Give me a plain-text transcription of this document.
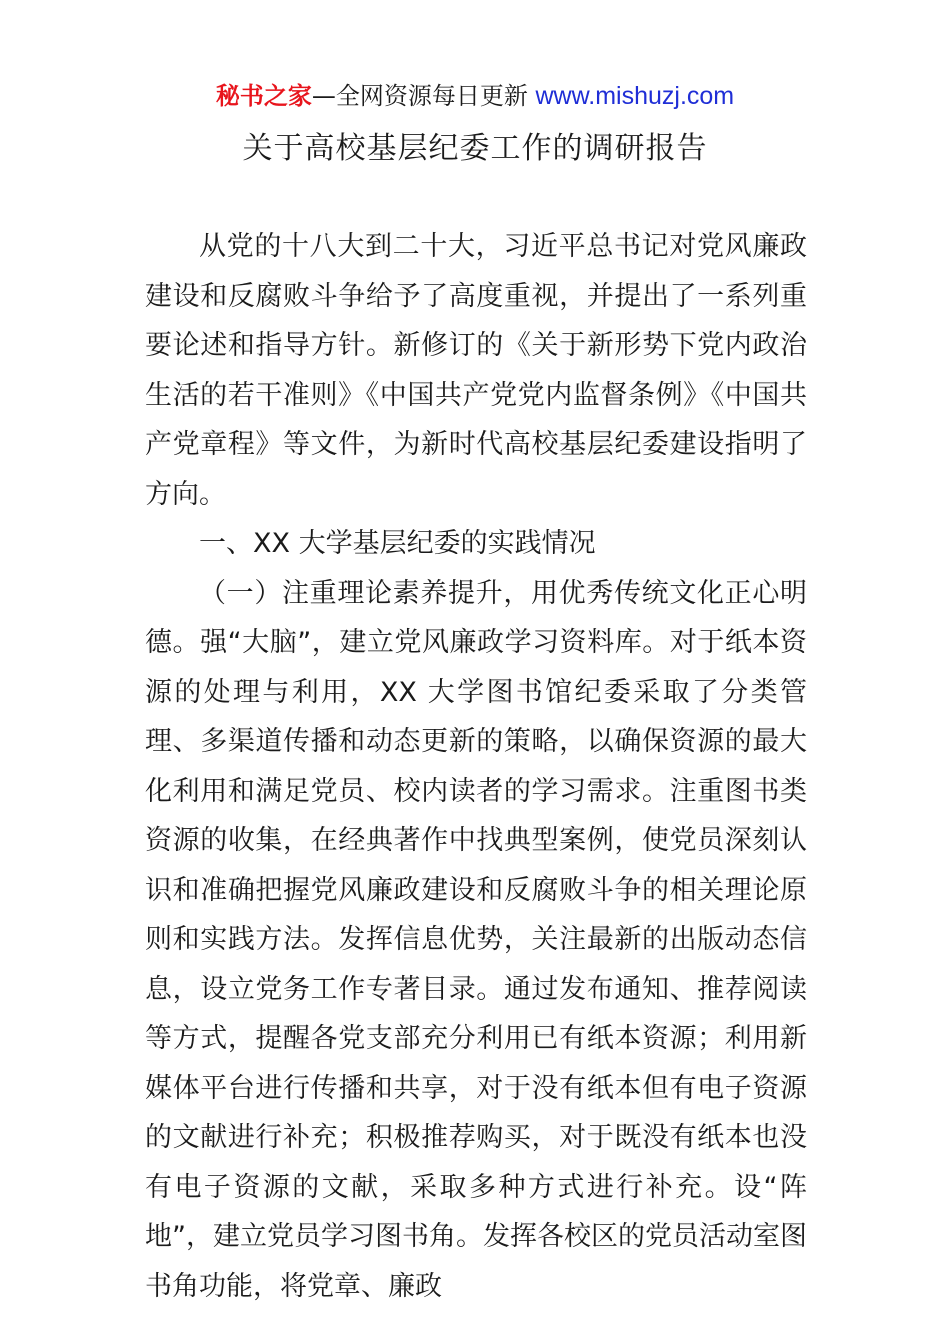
秘书之家—全网资源每日更新 www.mishuzj.com
关于高校基层纪委工作的调研报告

从党的十八大到二十大，习近平总书记对党风廉政建设和反腐败斗争给予了高度重视，并提出了一系列重要论述和指导方针。新修订的《关于新形势下党内政治生活的若干准则》《中国共产党党内监督条例》《中国共产党章程》等文件，为新时代高校基层纪委建设指明了方向。

一、XX 大学基层纪委的实践情况

（一）注重理论素养提升，用优秀传统文化正心明德。强“大脑”，建立党风廉政学习资料库。对于纸本资源的处理与利用，XX 大学图书馆纪委采取了分类管理、多渠道传播和动态更新的策略，以确保资源的最大化利用和满足党员、校内读者的学习需求。注重图书类资源的收集，在经典著作中找典型案例，使党员深刻认识和准确把握党风廉政建设和反腐败斗争的相关理论原则和实践方法。发挥信息优势，关注最新的出版动态信息，设立党务工作专著目录。通过发布通知、推荐阅读等方式，提醒各党支部充分利用已有纸本资源；利用新媒体平台进行传播和共享，对于没有纸本但有电子资源的文献进行补充；积极推荐购买，对于既没有纸本也没有电子资源的文献，采取多种方式进行补充。设“阵地”，建立党员学习图书角。发挥各校区的党员活动室图书角功能，将党章、廉政
